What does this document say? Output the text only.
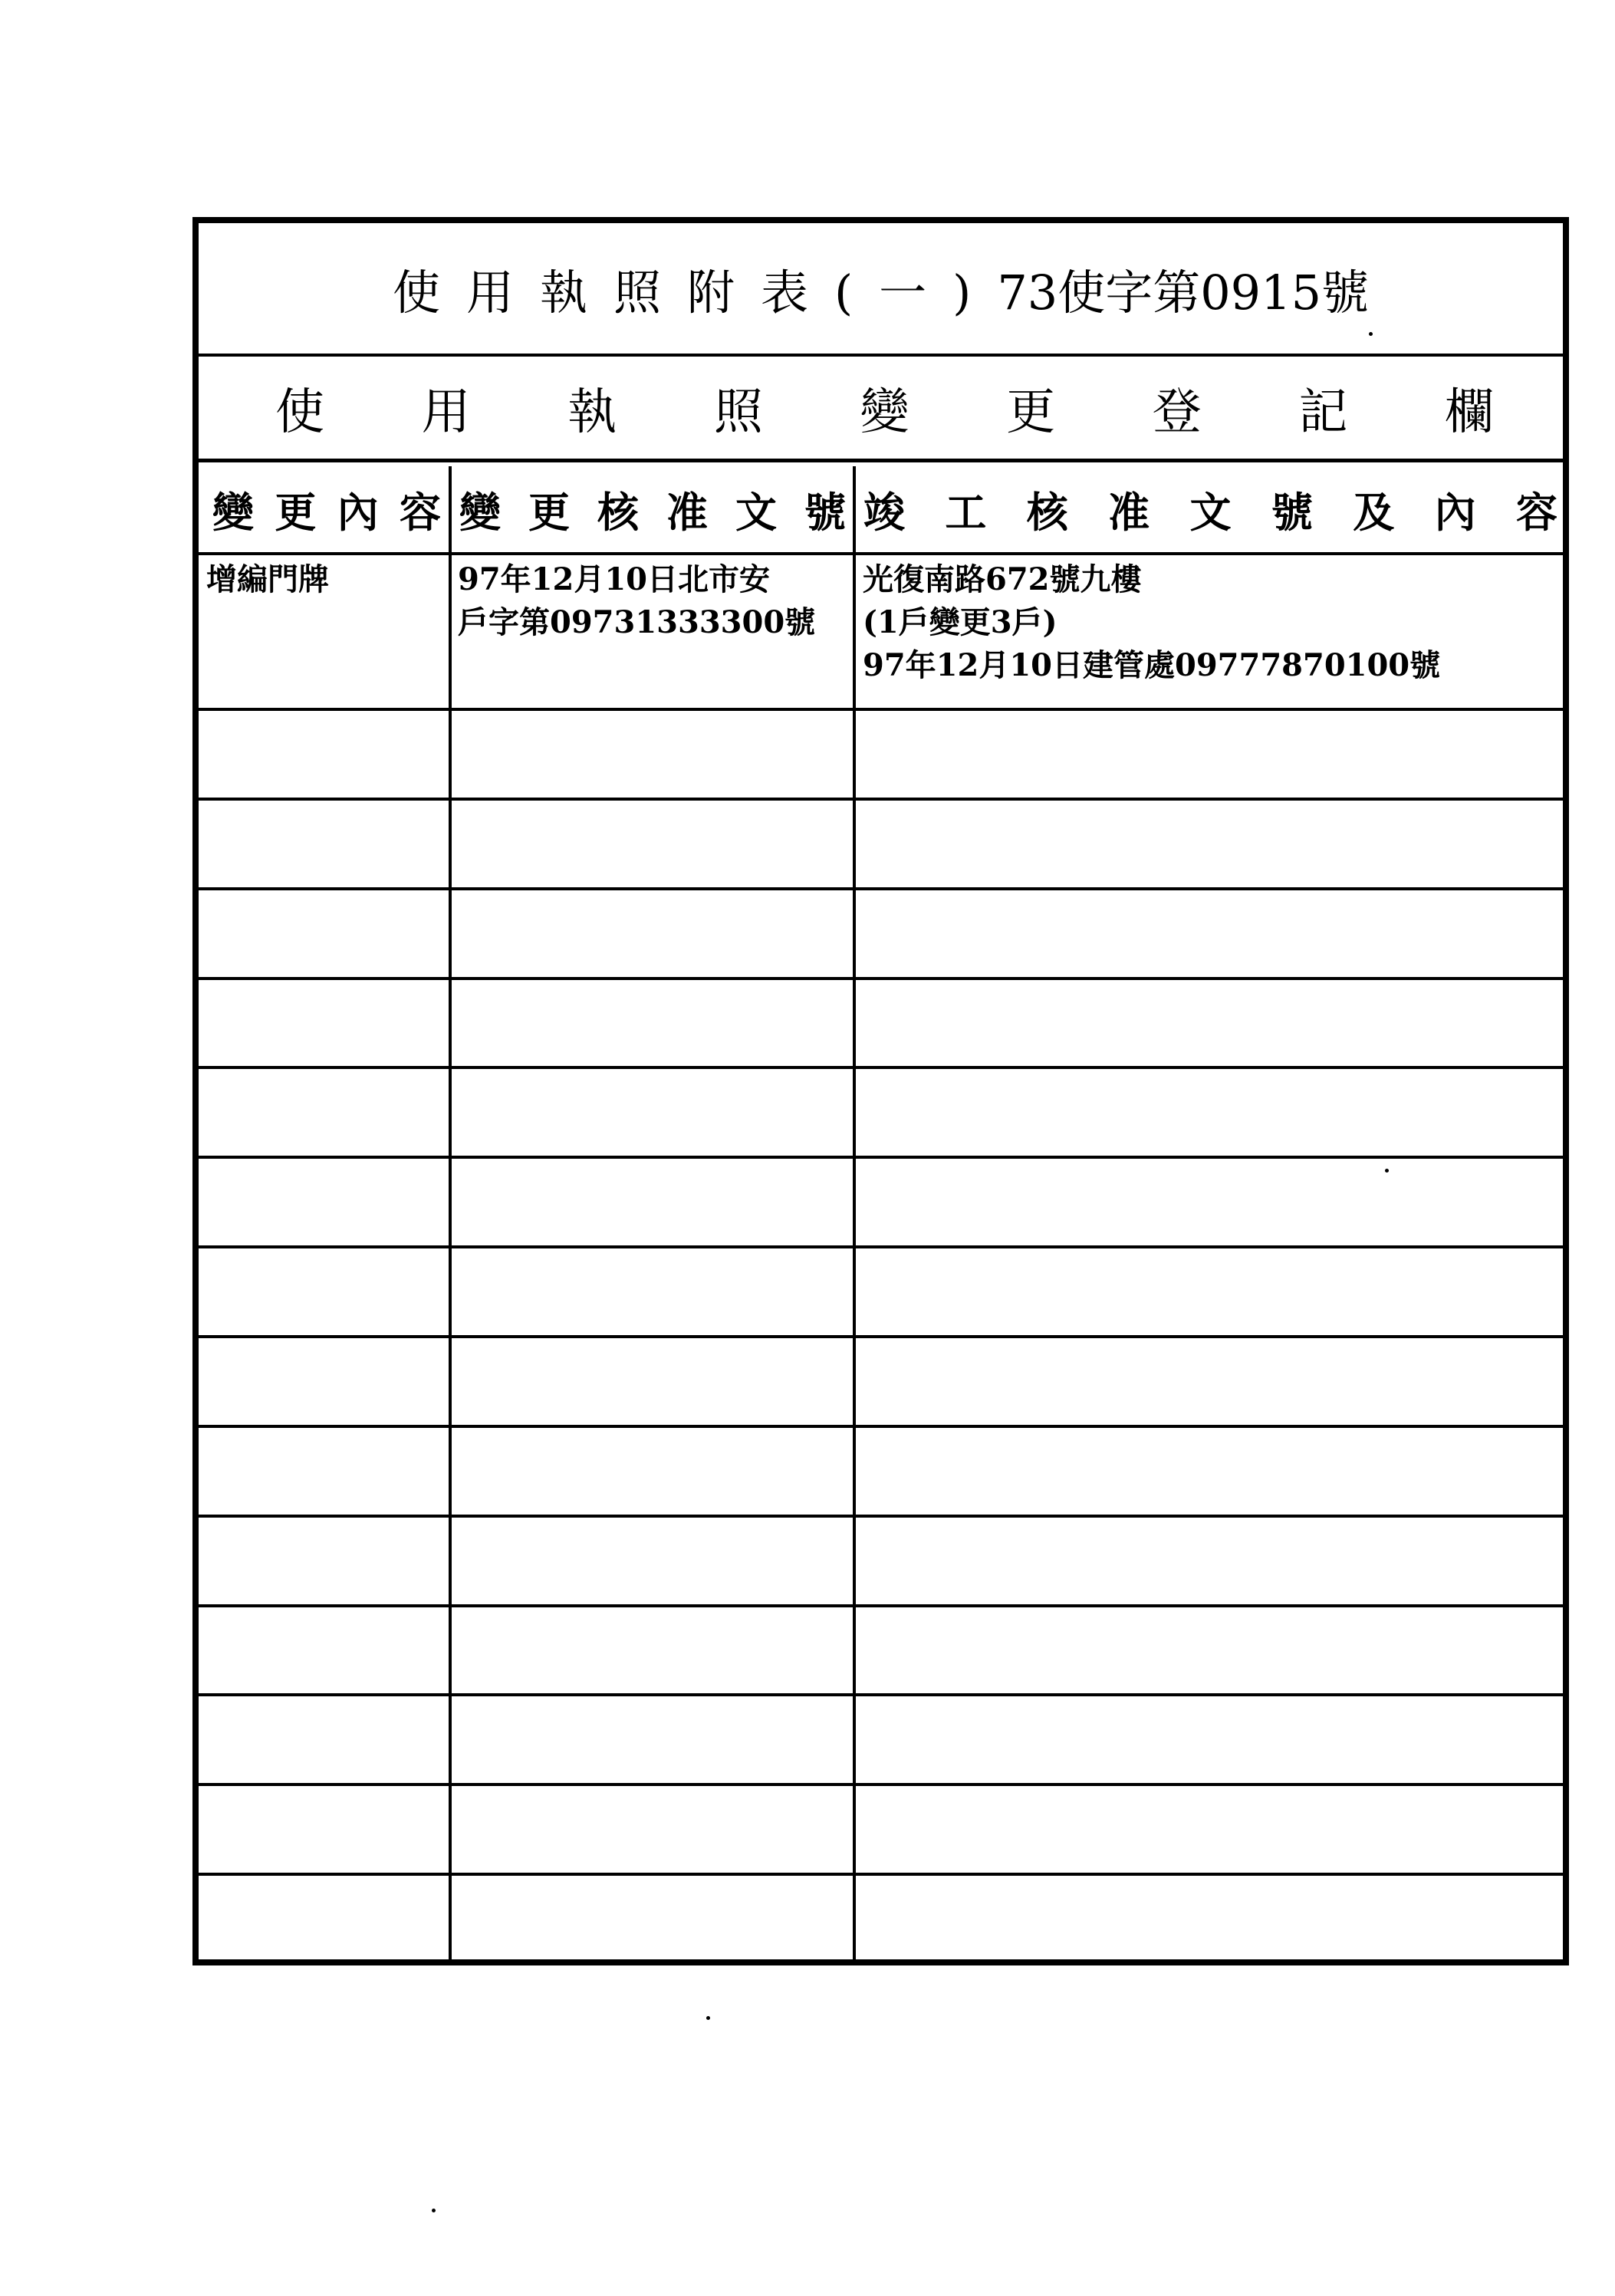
使用執照附表(一) 73使字第0915號
使 用 執 照 變 更 登 記 欄
變 更 內 容 變 更 核 准 文 號 竣 工 核 准 文 號 及 內 容
增編門牌	97年12月10日北市安
戶字第09731333300號
光復南路672號九樓
(1戶變更3戶)
97年12月10日建管處09777870100號
